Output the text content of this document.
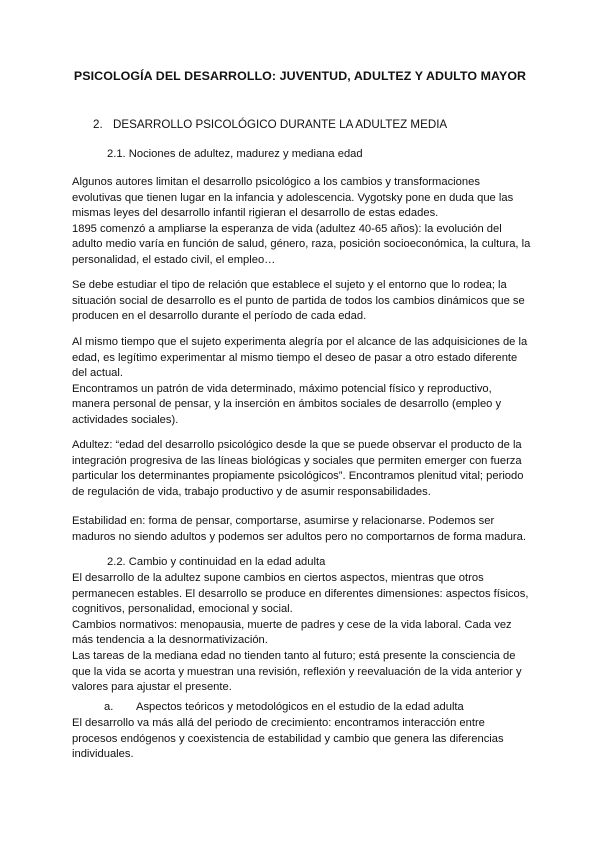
PSICOLOGÍA DEL DESARROLLO: JUVENTUD, ADULTEZ Y ADULTO MAYOR
2. DESARROLLO PSICOLÓGICO DURANTE LA ADULTEZ MEDIA
2.1. Nociones de adultez, madurez y mediana edad
Algunos autores limitan el desarrollo psicológico a los cambios y transformaciones
evolutivas que tienen lugar en la infancia y adolescencia. Vygotsky pone en duda que las
mismas leyes del desarrollo infantil rigieran el desarrollo de estas edades.
1895 comenzó a ampliarse la esperanza de vida (adultez 40-65 años): la evolución del
adulto medio varía en función de salud, género, raza, posición socioeconómica, la cultura, la
personalidad, el estado civil, el empleo…
Se debe estudiar el tipo de relación que establece el sujeto y el entorno que lo rodea; la
situación social de desarrollo es el punto de partida de todos los cambios dinámicos que se
producen en el desarrollo durante el período de cada edad.
Al mismo tiempo que el sujeto experimenta alegría por el alcance de las adquisiciones de la
edad, es legítimo experimentar al mismo tiempo el deseo de pasar a otro estado diferente
del actual.
Encontramos un patrón de vida determinado, máximo potencial físico y reproductivo,
manera personal de pensar, y la inserción en ámbitos sociales de desarrollo (empleo y
actividades sociales).
Adultez: “edad del desarrollo psicológico desde la que se puede observar el producto de la
integración progresiva de las líneas biológicas y sociales que permiten emerger con fuerza
particular los determinantes propiamente psicológicos”. Encontramos plenitud vital; periodo
de regulación de vida, trabajo productivo y de asumir responsabilidades.
Estabilidad en: forma de pensar, comportarse, asumirse y relacionarse. Podemos ser
maduros no siendo adultos y podemos ser adultos pero no comportarnos de forma madura.
2.2. Cambio y continuidad en la edad adulta
El desarrollo de la adultez supone cambios en ciertos aspectos, mientras que otros
permanecen estables. El desarrollo se produce en diferentes dimensiones: aspectos físicos,
cognitivos, personalidad, emocional y social.
Cambios normativos: menopausia, muerte de padres y cese de la vida laboral. Cada vez
más tendencia a la desnormativización.
Las tareas de la mediana edad no tienden tanto al futuro; está presente la consciencia de
que la vida se acorta y muestran una revisión, reflexión y reevaluación de la vida anterior y
valores para ajustar el presente.
a. Aspectos teóricos y metodológicos en el estudio de la edad adulta
El desarrollo va más allá del periodo de crecimiento: encontramos interacción entre
procesos endógenos y coexistencia de estabilidad y cambio que genera las diferencias
individuales.
